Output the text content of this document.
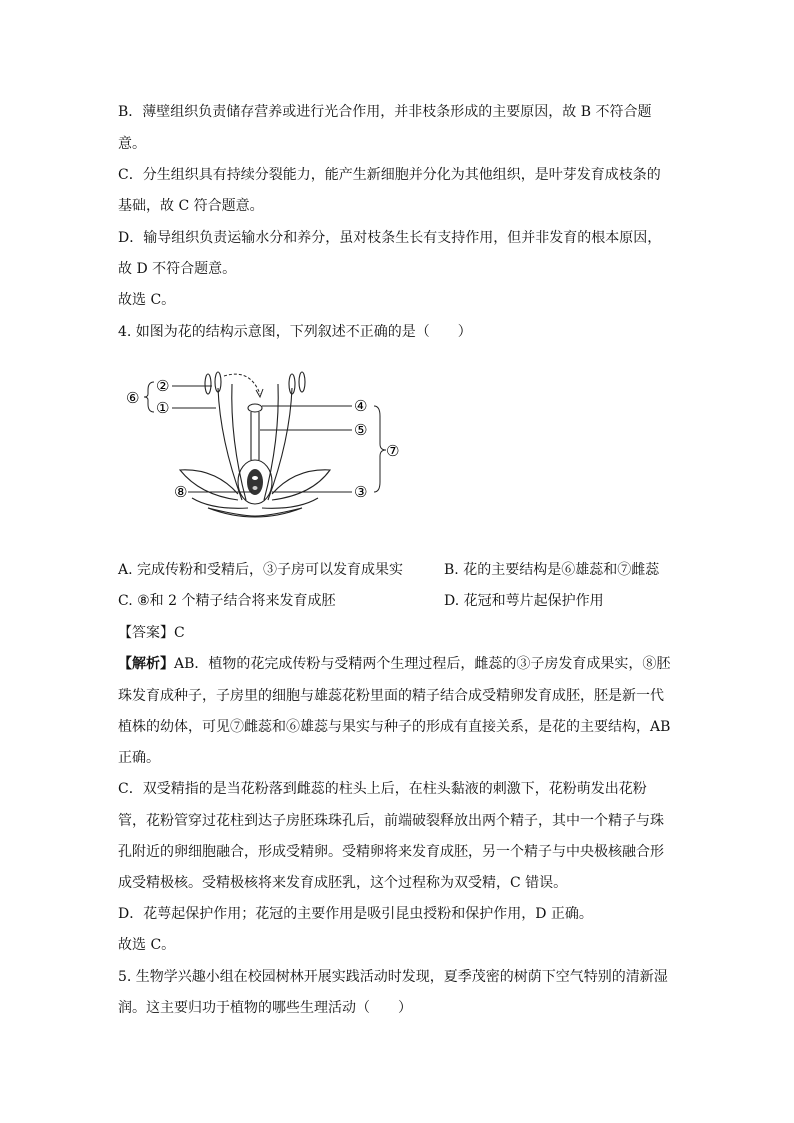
B．薄壁组织负责储存营养或进行光合作用，并非枝条形成的主要原因，故 B 不符合题
意。
C．分生组织具有持续分裂能力，能产生新细胞并分化为其他组织，是叶芽发育成枝条的
基础，故 C 符合题意。
D．输导组织负责运输水分和养分，虽对枝条生长有支持作用，但并非发育的根本原因，
故 D 不符合题意。
故选 C。
4. 如图为花的结构示意图，下列叙述不正确的是（　　）
②
①
⑥	④
⑤
⑦
③
⑧
A. 完成传粉和受精后，③子房可以发育成果实	B. 花的主要结构是⑥雄蕊和⑦雌蕊
C. ⑧和 2 个精子结合将来发育成胚	D. 花冠和萼片起保护作用
【答案】C
【解析】AB．植物的花完成传粉与受精两个生理过程后，雌蕊的③子房发育成果实，⑧胚
珠发育成种子，子房里的细胞与雄蕊花粉里面的精子结合成受精卵发育成胚，胚是新一代
植株的幼体，可见⑦雌蕊和⑥雄蕊与果实与种子的形成有直接关系，是花的主要结构，AB
正确。
C．双受精指的是当花粉落到雌蕊的柱头上后，在柱头黏液的刺激下，花粉萌发出花粉
管，花粉管穿过花柱到达子房胚珠珠孔后，前端破裂释放出两个精子，其中一个精子与珠
孔附近的卵细胞融合，形成受精卵。受精卵将来发育成胚，另一个精子与中央极核融合形
成受精极核。受精极核将来发育成胚乳，这个过程称为双受精，C 错误。
D．花萼起保护作用；花冠的主要作用是吸引昆虫授粉和保护作用，D 正确。
故选 C。
5. 生物学兴趣小组在校园树林开展实践活动时发现，夏季茂密的树荫下空气特别的清新湿
润。这主要归功于植物的哪些生理活动（　　）
